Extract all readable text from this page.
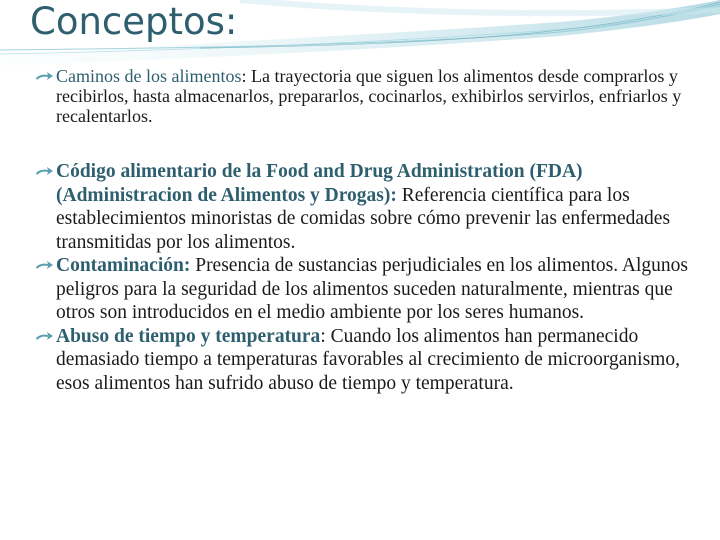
Conceptos:
Caminos de los alimentos: La trayectoria que siguen los alimentos desde comprarlos y recibirlos, hasta almacenarlos, prepararlos, cocinarlos, exhibirlos servirlos, enfriarlos y recalentarlos.
Código alimentario de la Food and Drug Administration (FDA) (Administracion de Alimentos y Drogas): Referencia científica para los establecimientos minoristas de comidas sobre cómo prevenir las enfermedades transmitidas por los alimentos.
Contaminación: Presencia de sustancias perjudiciales en los alimentos. Algunos peligros para la seguridad de los alimentos suceden naturalmente, mientras que otros son introducidos en el medio ambiente por los seres humanos.
Abuso de tiempo y temperatura: Cuando los alimentos han permanecido demasiado tiempo a temperaturas favorables al crecimiento de microorganismo, esos alimentos han sufrido abuso de tiempo y temperatura.
